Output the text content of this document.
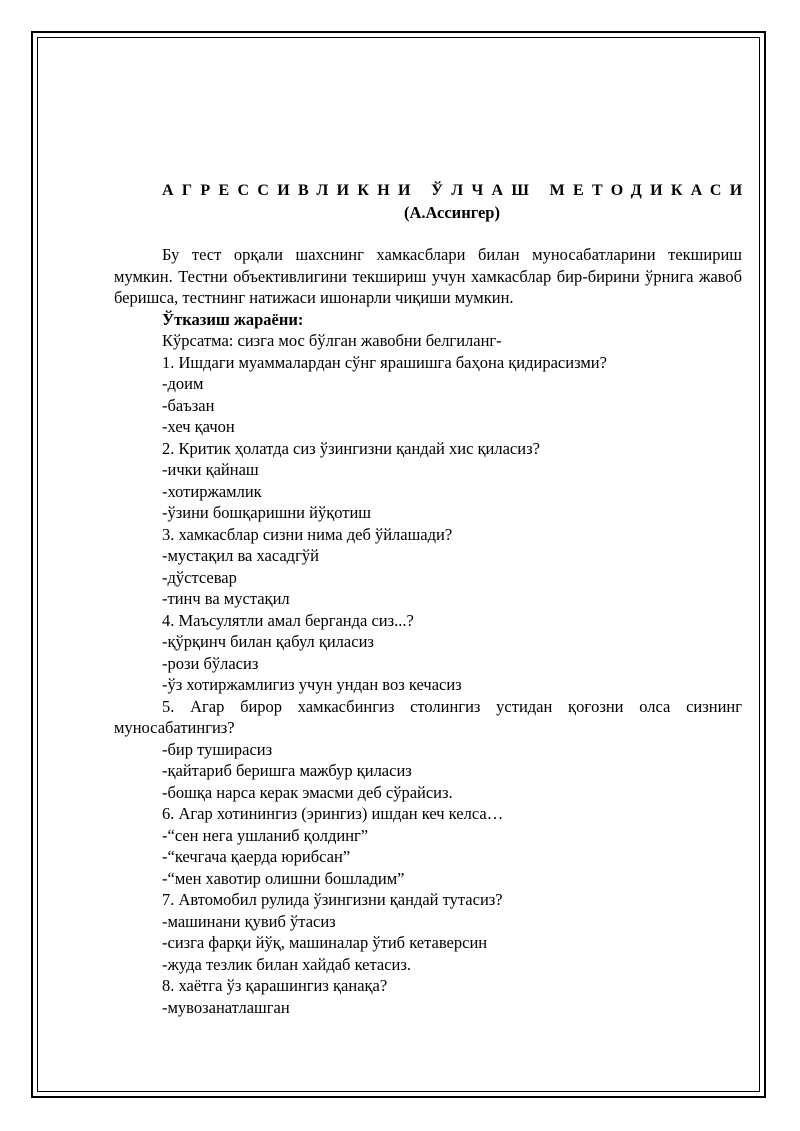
АГРЕССИВЛИКНИ ЎЛЧАШ МЕТОДИКАСИ
(А.Ассингер)

Бу тест орқали шахснинг хамкасблари билан муносабатларини текшириш мумкин. Тестни объективлигини текшириш учун хамкасблар бир-бирини ўрнига жавоб беришса, тестнинг натижаси ишонарли чиқиши мумкин.

Ўтказиш жараёни:
Кўрсатма: сизга мос бўлган жавобни белгиланг-
1. Ишдаги муаммалардан сўнг ярашишга баҳона қидирасизми?
-доим
-баъзан
-хеч қачон
2. Критик ҳолатда сиз ўзингизни қандай хис қиласиз?
-ички қайнаш
-хотиржамлик
-ўзини бошқаришни йўқотиш
3. хамкасблар сизни нима деб ўйлашади?
-мустақил ва хасадгўй
-дўстсевар
-тинч ва мустақил
4. Маъсулятли амал берганда сиз...?
-қўрқинч билан қабул қиласиз
-рози бўласиз
-ўз хотиржамлигиз учун ундан воз кечасиз

5. Агар бирор хамкасбингиз столингиз устидан қоғозни олса сизнинг муносабатингиз?

-бир туширасиз
-қайтариб беришга мажбур қиласиз
-бошқа нарса керак эмасми деб сўрайсиз.
6. Агар хотинингиз (эрингиз) ишдан кеч келса…
-“сен нега ушланиб қолдинг”
-“кечгача қаерда юрибсан”
-“мен хавотир олишни бошладим”
7. Автомобил рулида ўзингизни қандай тутасиз?
-машинани қувиб ўтасиз
-сизга фарқи йўқ, машиналар ўтиб кетаверсин
-жуда тезлик билан хайдаб кетасиз.
8. хаётга ўз қарашингиз қанақа?
-мувозанатлашган
